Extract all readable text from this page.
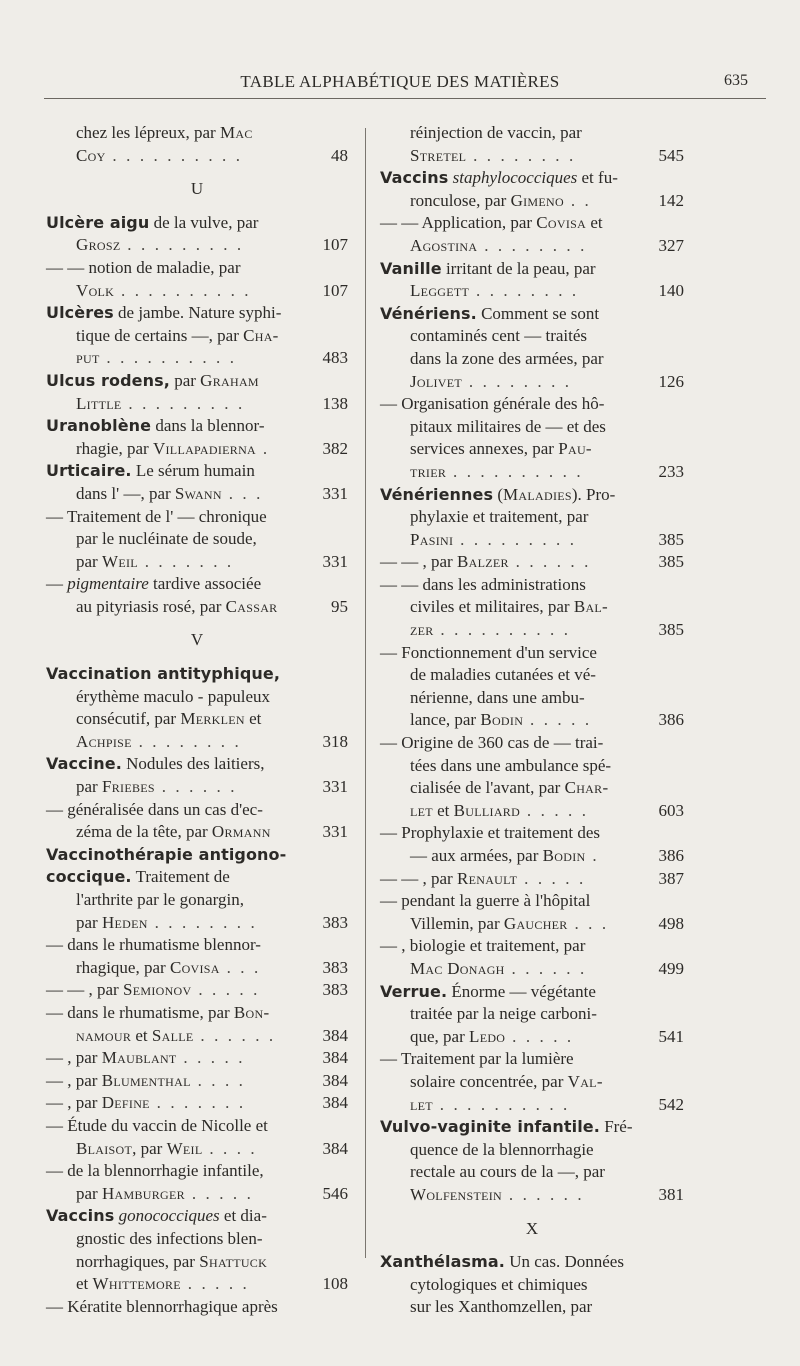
TABLE ALPHABÉTIQUE DES MATIÈRES	635
chez les lépreux, par Mac
Coy . . . . . . . . . .	48
U
Ulcère aigu de la vulve, par
Grosz . . . . . . . . .	107
— — notion de maladie, par
Volk . . . . . . . . . .	107
Ulcères de jambe. Nature syphi-
tique de certains —, par Cha-
put . . . . . . . . . .	483
Ulcus rodens, par Graham
Little . . . . . . . . .	138
Uranoblène dans la blennor-
rhagie, par Villapadierna .	382
Urticaire. Le sérum humain
dans l' —, par Swann . . .	331
— Traitement de l' — chronique
par le nucléinate de soude,
par Weil . . . . . . .	331
— pigmentaire tardive associée
au pityriasis rosé, par Cassar	95
V
Vaccination antityphique,
érythème maculo - papuleux
consécutif, par Merklen et
Achpise . . . . . . . .	318
Vaccine. Nodules des laitiers,
par Friebes . . . . . .	331
— généralisée dans un cas d'ec-
zéma de la tête, par Ormann	331
Vaccinothérapie antigono-
coccique. Traitement de
l'arthrite par le gonargin,
par Heden . . . . . . . .	383
— dans le rhumatisme blennor-
rhagique, par Covisa . . .	383
— — , par Semionov . . . . .	383
— dans le rhumatisme, par Bon-
namour et Salle . . . . . .	384
— , par Maublant . . . . .	384
— , par Blumenthal . . . .	384
— , par Define . . . . . . .	384
— Étude du vaccin de Nicolle et
Blaisot, par Weil . . . .	384
— de la blennorrhagie infantile,
par Hamburger . . . . .	546
Vaccins gonococciques et dia-
gnostic des infections blen-
norrhagiques, par Shattuck
et Whittemore . . . . .	108
— Kératite blennorrhagique après
réinjection de vaccin, par
Stretel . . . . . . . .	545
Vaccins staphylococciques et fu-
ronculose, par Gimeno . .	142
— — Application, par Covisa et
Agostina . . . . . . . .	327
Vanille irritant de la peau, par
Leggett . . . . . . . .	140
Vénériens. Comment se sont
contaminés cent — traités
dans la zone des armées, par
Jolivet . . . . . . . .	126
— Organisation générale des hô-
pitaux militaires de — et des
services annexes, par Pau-
trier . . . . . . . . . .	233
Vénériennes (Maladies). Pro-
phylaxie et traitement, par
Pasini . . . . . . . . .	385
— — , par Balzer . . . . . .	385
— — dans les administrations
civiles et militaires, par Bal-
zer . . . . . . . . . .	385
— Fonctionnement d'un service
de maladies cutanées et vé-
nérienne, dans une ambu-
lance, par Bodin . . . . .	386
— Origine de 360 cas de — trai-
tées dans une ambulance spé-
cialisée de l'avant, par Char-
let et Bulliard . . . . .	603
— Prophylaxie et traitement des
— aux armées, par Bodin .	386
— — , par Renault . . . . .	387
— pendant la guerre à l'hôpital
Villemin, par Gaucher . . .	498
— , biologie et traitement, par
Mac Donagh . . . . . .	499
Verrue. Énorme — végétante
traitée par la neige carboni-
que, par Ledo . . . . .	541
— Traitement par la lumière
solaire concentrée, par Val-
let . . . . . . . . . .	542
Vulvo-vaginite infantile. Fré-
quence de la blennorrhagie
rectale au cours de la —, par
Wolfenstein . . . . . .	381
X
Xanthélasma. Un cas. Données
cytologiques et chimiques
sur les Xanthomzellen, par
